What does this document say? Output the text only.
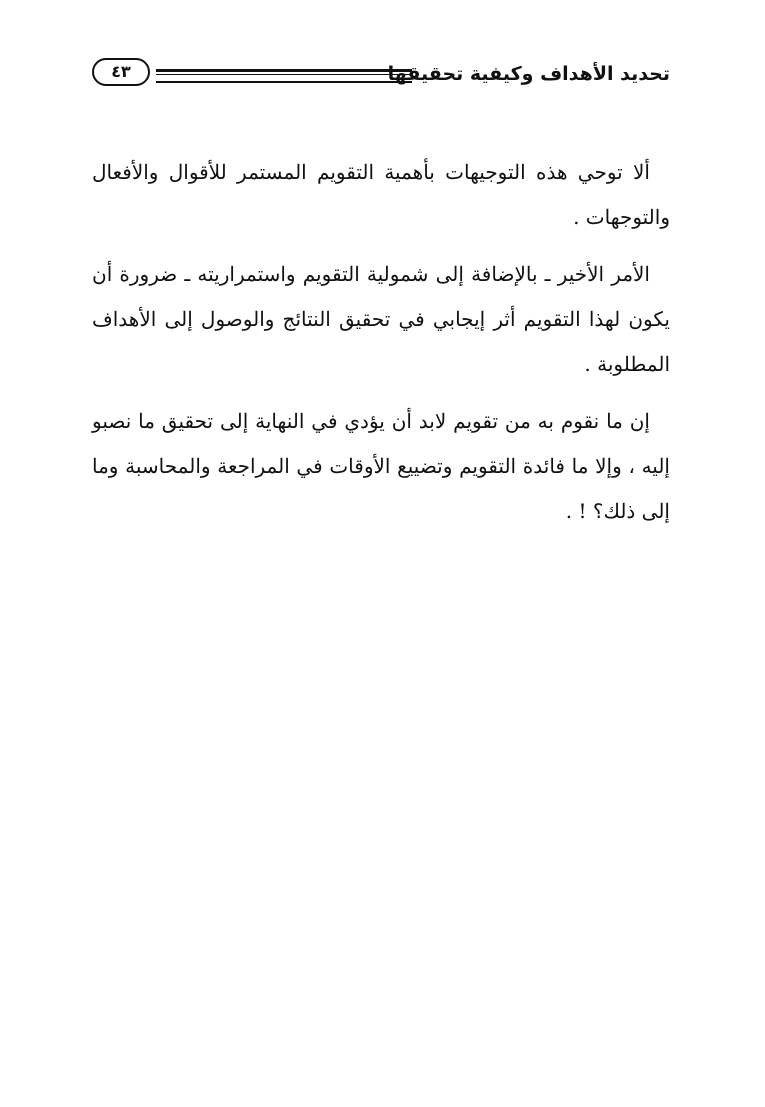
تحديد الأهداف وكيفية تحقيقها
٤٣

ألا توحي هذه التوجيهات بأهمية التقويم المستمر للأقوال والأفعال والتوجهات .

الأمر الأخير ـ بالإضافة إلى شمولية التقويم واستمراريته ـ ضرورة أن يكون لهذا التقويم أثر إيجابي في تحقيق النتائج والوصول إلى الأهداف المطلوبة .

إن ما نقوم به من تقويم لابد أن يؤدي في النهاية إلى تحقيق ما نصبو إليه ، وإلا ما فائدة التقويم وتضييع الأوقات في المراجعة والمحاسبة وما إلى ذلك؟ ! .
